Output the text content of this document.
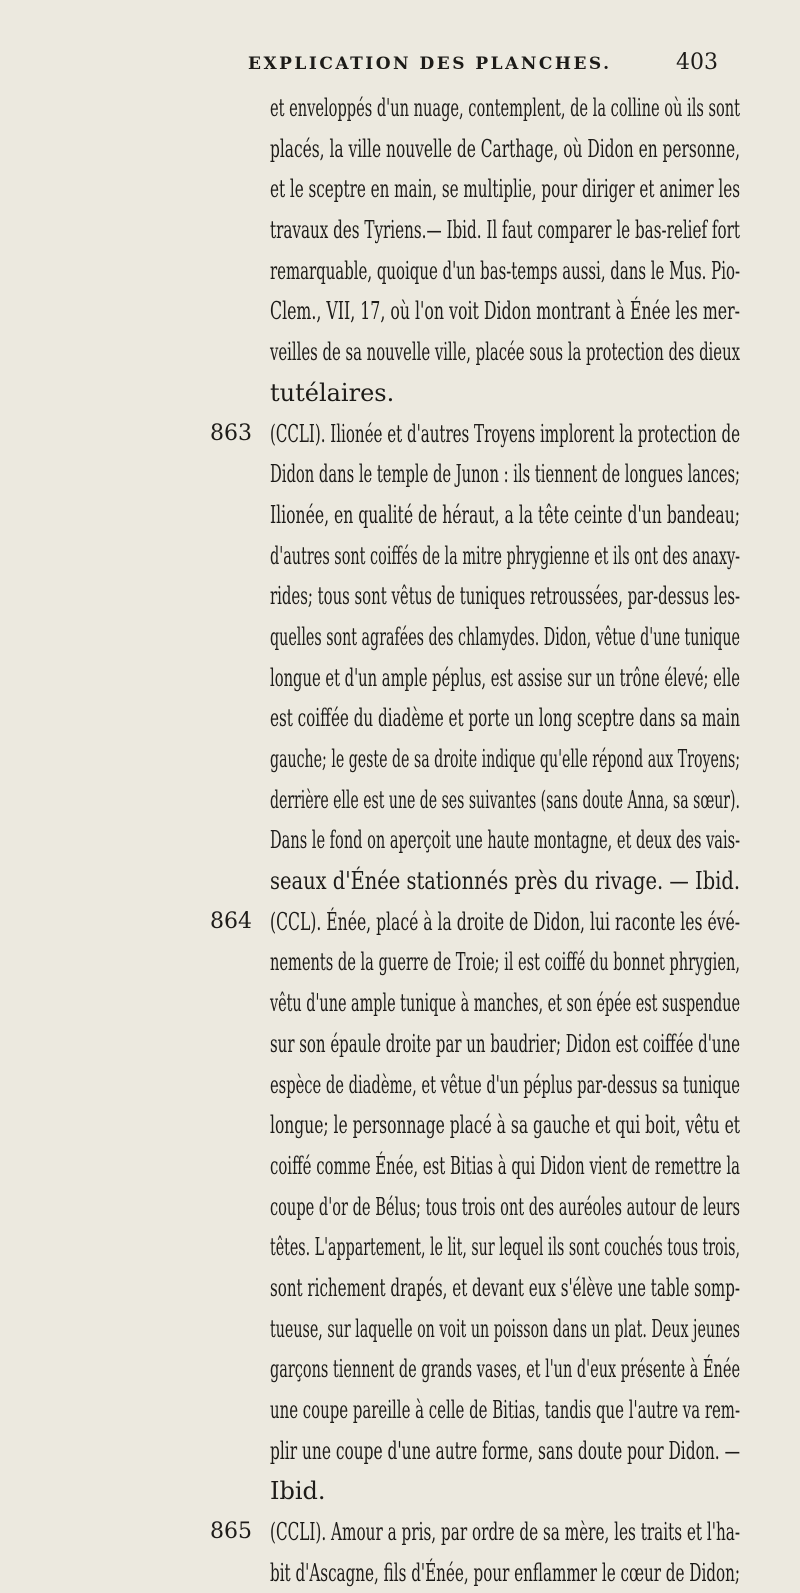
EXPLICATION DES PLANCHES.	403
et enveloppés d'un nuage, contemplent, de la colline où ils sont
placés, la ville nouvelle de Carthage, où Didon en personne,
et le sceptre en main, se multiplie, pour diriger et animer les
travaux des Tyriens.— Ibid. Il faut comparer le bas-relief fort
remarquable, quoique d'un bas-temps aussi, dans le Mus. Pio-
Clem., VII, 17, où l'on voit Didon montrant à Énée les mer-
veilles de sa nouvelle ville, placée sous la protection des dieux
tutélaires.
863 (CCLI). Ilionée et d'autres Troyens implorent la protection de
Didon dans le temple de Junon : ils tiennent de longues lances;
Ilionée, en qualité de héraut, a la tête ceinte d'un bandeau;
d'autres sont coiffés de la mitre phrygienne et ils ont des anaxy-
rides; tous sont vêtus de tuniques retroussées, par-dessus les-
quelles sont agrafées des chlamydes. Didon, vêtue d'une tunique
longue et d'un ample péplus, est assise sur un trône élevé; elle
est coiffée du diadème et porte un long sceptre dans sa main
gauche; le geste de sa droite indique qu'elle répond aux Troyens;
derrière elle est une de ses suivantes (sans doute Anna, sa sœur).
Dans le fond on aperçoit une haute montagne, et deux des vais-
seaux d'Énée stationnés près du rivage. — Ibid.
864 (CCL). Énée, placé à la droite de Didon, lui raconte les évé-
nements de la guerre de Troie; il est coiffé du bonnet phrygien,
vêtu d'une ample tunique à manches, et son épée est suspendue
sur son épaule droite par un baudrier; Didon est coiffée d'une
espèce de diadème, et vêtue d'un péplus par-dessus sa tunique
longue; le personnage placé à sa gauche et qui boit, vêtu et
coiffé comme Énée, est Bitias à qui Didon vient de remettre la
coupe d'or de Bélus; tous trois ont des auréoles autour de leurs
têtes. L'appartement, le lit, sur lequel ils sont couchés tous trois,
sont richement drapés, et devant eux s'élève une table somp-
tueuse, sur laquelle on voit un poisson dans un plat. Deux jeunes
garçons tiennent de grands vases, et l'un d'eux présente à Énée
une coupe pareille à celle de Bitias, tandis que l'autre va rem-
plir une coupe d'une autre forme, sans doute pour Didon. —
Ibid.
865 (CCLI). Amour a pris, par ordre de sa mère, les traits et l'ha-
bit d'Ascagne, fils d'Énée, pour enflammer le cœur de Didon;
